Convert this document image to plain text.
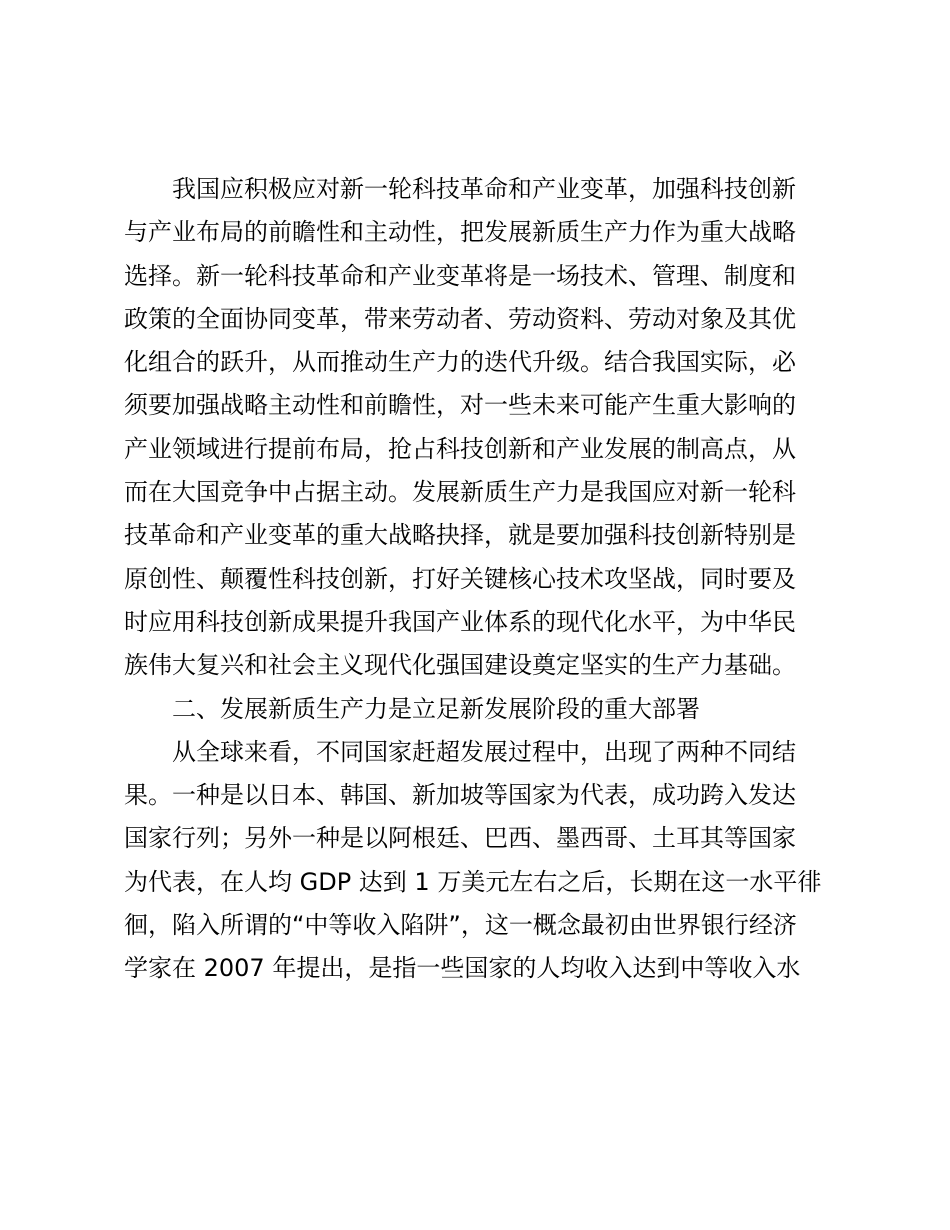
我国应积极应对新一轮科技革命和产业变革，加强科技创新
与产业布局的前瞻性和主动性，把发展新质生产力作为重大战略
选择。新一轮科技革命和产业变革将是一场技术、管理、制度和
政策的全面协同变革，带来劳动者、劳动资料、劳动对象及其优
化组合的跃升，从而推动生产力的迭代升级。结合我国实际，必
须要加强战略主动性和前瞻性，对一些未来可能产生重大影响的
产业领域进行提前布局，抢占科技创新和产业发展的制高点，从
而在大国竞争中占据主动。发展新质生产力是我国应对新一轮科
技革命和产业变革的重大战略抉择，就是要加强科技创新特别是
原创性、颠覆性科技创新，打好关键核心技术攻坚战，同时要及
时应用科技创新成果提升我国产业体系的现代化水平，为中华民
族伟大复兴和社会主义现代化强国建设奠定坚实的生产力基础。
二、发展新质生产力是立足新发展阶段的重大部署
从全球来看，不同国家赶超发展过程中，出现了两种不同结
果。一种是以日本、韩国、新加坡等国家为代表，成功跨入发达
国家行列；另外一种是以阿根廷、巴西、墨西哥、土耳其等国家
为代表，在人均 GDP 达到 1 万美元左右之后，长期在这一水平徘
徊，陷入所谓的“中等收入陷阱”，这一概念最初由世界银行经济
学家在 2007 年提出，是指一些国家的人均收入达到中等收入水
